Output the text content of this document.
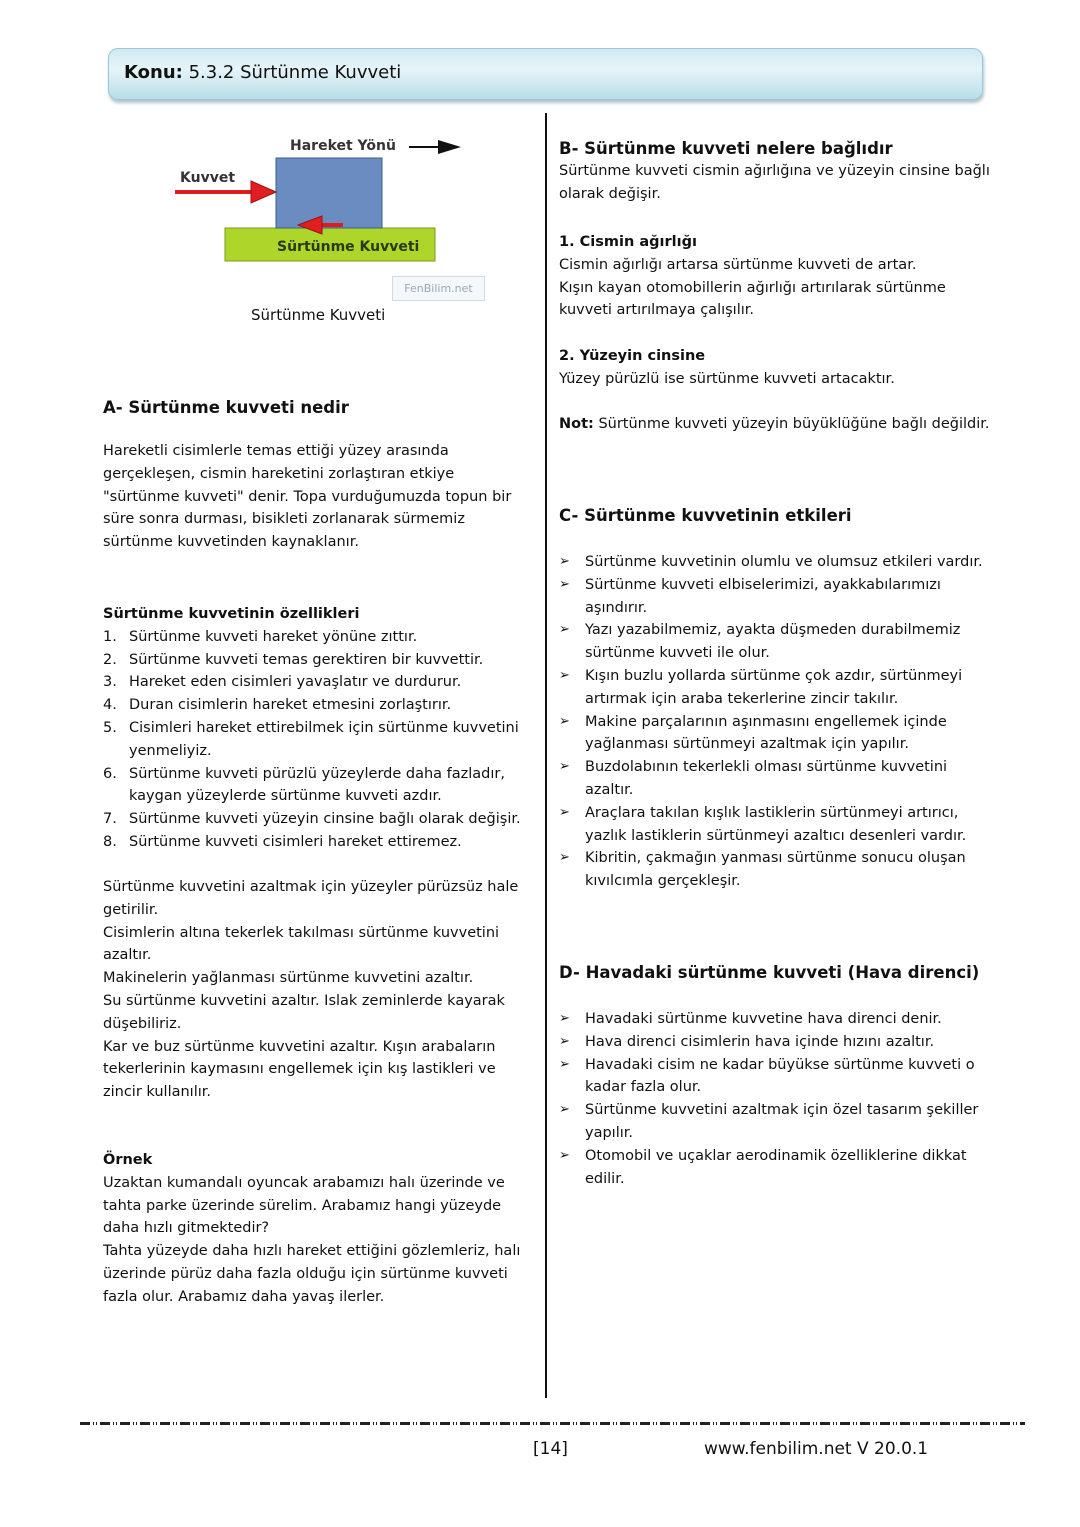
Konu: 5.3.2 Sürtünme Kuvveti
Hareket Yönü
Kuvvet
Sürtünme Kuvveti
FenBilim.net
Sürtünme Kuvveti
A- Sürtünme kuvveti nedir

Hareketli cisimlerle temas ettiği yüzey arasında gerçekleşen, cismin hareketini zorlaştıran etkiye "sürtünme kuvveti" denir. Topa vurduğumuzda topun bir süre sonra durması, bisikleti zorlanarak sürmemiz sürtünme kuvvetinden kaynaklanır.

Sürtünme kuvvetinin özellikleri
1. Sürtünme kuvveti hareket yönüne zıttır.
2. Sürtünme kuvveti temas gerektiren bir kuvvettir.
3. Hareket eden cisimleri yavaşlatır ve durdurur.
4. Duran cisimlerin hareket etmesini zorlaştırır.
5. Cisimleri hareket ettirebilmek için sürtünme kuvvetini yenmeliyiz.
6. Sürtünme kuvveti pürüzlü yüzeylerde daha fazladır, kaygan yüzeylerde sürtünme kuvveti azdır.
7. Sürtünme kuvveti yüzeyin cinsine bağlı olarak değişir.
8. Sürtünme kuvveti cisimleri hareket ettiremez.

Sürtünme kuvvetini azaltmak için yüzeyler pürüzsüz hale getirilir.

Cisimlerin altına tekerlek takılması sürtünme kuvvetini azaltır.

Makinelerin yağlanması sürtünme kuvvetini azaltır.

Su sürtünme kuvvetini azaltır. Islak zeminlerde kayarak düşebiliriz.

Kar ve buz sürtünme kuvvetini azaltır. Kışın arabaların tekerlerinin kaymasını engellemek için kış lastikleri ve zincir kullanılır.

Örnek

Uzaktan kumandalı oyuncak arabamızı halı üzerinde ve tahta parke üzerinde sürelim. Arabamız hangi yüzeyde daha hızlı gitmektedir?

Tahta yüzeyde daha hızlı hareket ettiğini gözlemleriz, halı üzerinde pürüz daha fazla olduğu için sürtünme kuvveti fazla olur. Arabamız daha yavaş ilerler.

B- Sürtünme kuvveti nelere bağlıdır

Sürtünme kuvveti cismin ağırlığına ve yüzeyin cinsine bağlı olarak değişir.

1. Cismin ağırlığı

Cismin ağırlığı artarsa sürtünme kuvveti de artar.

Kışın kayan otomobillerin ağırlığı artırılarak sürtünme kuvveti artırılmaya çalışılır.

2. Yüzeyin cinsine

Yüzey pürüzlü ise sürtünme kuvveti artacaktır.

Not: Sürtünme kuvveti yüzeyin büyüklüğüne bağlı değildir.

C- Sürtünme kuvvetinin etkileri
➢ Sürtünme kuvvetinin olumlu ve olumsuz etkileri vardır.
➢ Sürtünme kuvveti elbiselerimizi, ayakkabılarımızı aşındırır.
➢ Yazı yazabilmemiz, ayakta düşmeden durabilmemiz sürtünme kuvveti ile olur.
➢ Kışın buzlu yollarda sürtünme çok azdır, sürtünmeyi artırmak için araba tekerlerine zincir takılır.
➢ Makine parçalarının aşınmasını engellemek içinde yağlanması sürtünmeyi azaltmak için yapılır.
➢ Buzdolabının tekerlekli olması sürtünme kuvvetini azaltır.
➢ Araçlara takılan kışlık lastiklerin sürtünmeyi artırıcı, yazlık lastiklerin sürtünmeyi azaltıcı desenleri vardır.
➢ Kibritin, çakmağın yanması sürtünme sonucu oluşan kıvılcımla gerçekleşir.
D- Havadaki sürtünme kuvveti (Hava direnci)
➢ Havadaki sürtünme kuvvetine hava direnci denir.
➢ Hava direnci cisimlerin hava içinde hızını azaltır.
➢ Havadaki cisim ne kadar büyükse sürtünme kuvveti o kadar fazla olur.
➢ Sürtünme kuvvetini azaltmak için özel tasarım şekiller yapılır.
➢ Otomobil ve uçaklar aerodinamik özelliklerine dikkat edilir.
[14]	www.fenbilim.net V 20.0.1
